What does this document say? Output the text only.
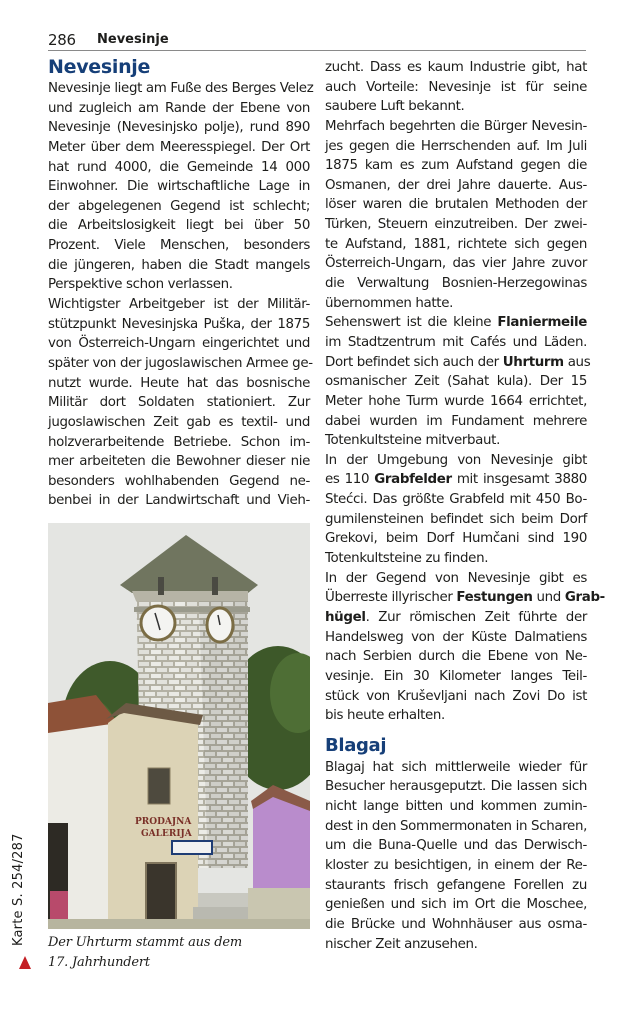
286 Nevesinje
Nevesinje
Nevesinje liegt am Fuße des Berges Velez
und zugleich am Rande der Ebene von
Nevesinje (Nevesinjsko polje), rund 890
Meter über dem Meeresspiegel. Der Ort
hat rund 4000, die Gemeinde 14 000
Einwohner. Die wirtschaftliche Lage in
der abgelegenen Gegend ist schlecht;
die Arbeitslosigkeit liegt bei über 50
Prozent. Viele Menschen, besonders
die jüngeren, haben die Stadt mangels
Perspektive schon verlassen.
Wichtigster Arbeitgeber ist der Militär-
stützpunkt Nevesinjska Puška, der 1875
von Österreich-Ungarn eingerichtet und
später von der jugoslawischen Armee ge-
nutzt wurde. Heute hat das bosnische
Militär dort Soldaten stationiert. Zur
jugoslawischen Zeit gab es textil- und
holzverarbeitende Betriebe. Schon im-
mer arbeiteten die Bewohner dieser nie
besonders wohlhabenden Gegend ne-
benbei in der Landwirtschaft und Vieh-
PRODAJNA
GALERIJA
Der Uhrturm stammt aus dem
17. Jahrhundert
Karte S. 254/287
zucht. Dass es kaum Industrie gibt, hat
auch Vorteile: Nevesinje ist für seine
saubere Luft bekannt.
Mehrfach begehrten die Bürger Nevesin-
jes gegen die Herrschenden auf. Im Juli
1875 kam es zum Aufstand gegen die
Osmanen, der drei Jahre dauerte. Aus-
löser waren die brutalen Methoden der
Türken, Steuern einzutreiben. Der zwei-
te Aufstand, 1881, richtete sich gegen
Österreich-Ungarn, das vier Jahre zuvor
die Verwaltung Bosnien-Herzegowinas
übernommen hatte.
Sehenswert ist die kleine Flaniermeile
im Stadtzentrum mit Cafés und Läden.
Dort befindet sich auch der Uhrturm aus
osmanischer Zeit (Sahat kula). Der 15
Meter hohe Turm wurde 1664 errichtet,
dabei wurden im Fundament mehrere
Totenkultsteine mitverbaut.
In der Umgebung von Nevesinje gibt
es 110 Grabfelder mit insgesamt 3880
Stećci. Das größte Grabfeld mit 450 Bo-
gumilensteinen befindet sich beim Dorf
Grekovi, beim Dorf Humčani sind 190
Totenkultsteine zu finden.
In der Gegend von Nevesinje gibt es
Überreste illyrischer Festungen und Grab-
hügel. Zur römischen Zeit führte der
Handelsweg von der Küste Dalmatiens
nach Serbien durch die Ebene von Ne-
vesinje. Ein 30 Kilometer langes Teil-
stück von Kruševljani nach Zovi Do ist
bis heute erhalten.
Blagaj
Blagaj hat sich mittlerweile wieder für
Besucher herausgeputzt. Die lassen sich
nicht lange bitten und kommen zumin-
dest in den Sommermonaten in Scharen,
um die Buna-Quelle und das Derwisch-
kloster zu besichtigen, in einem der Re-
staurants frisch gefangene Forellen zu
genießen und sich im Ort die Moschee,
die Brücke und Wohnhäuser aus osma-
nischer Zeit anzusehen.
